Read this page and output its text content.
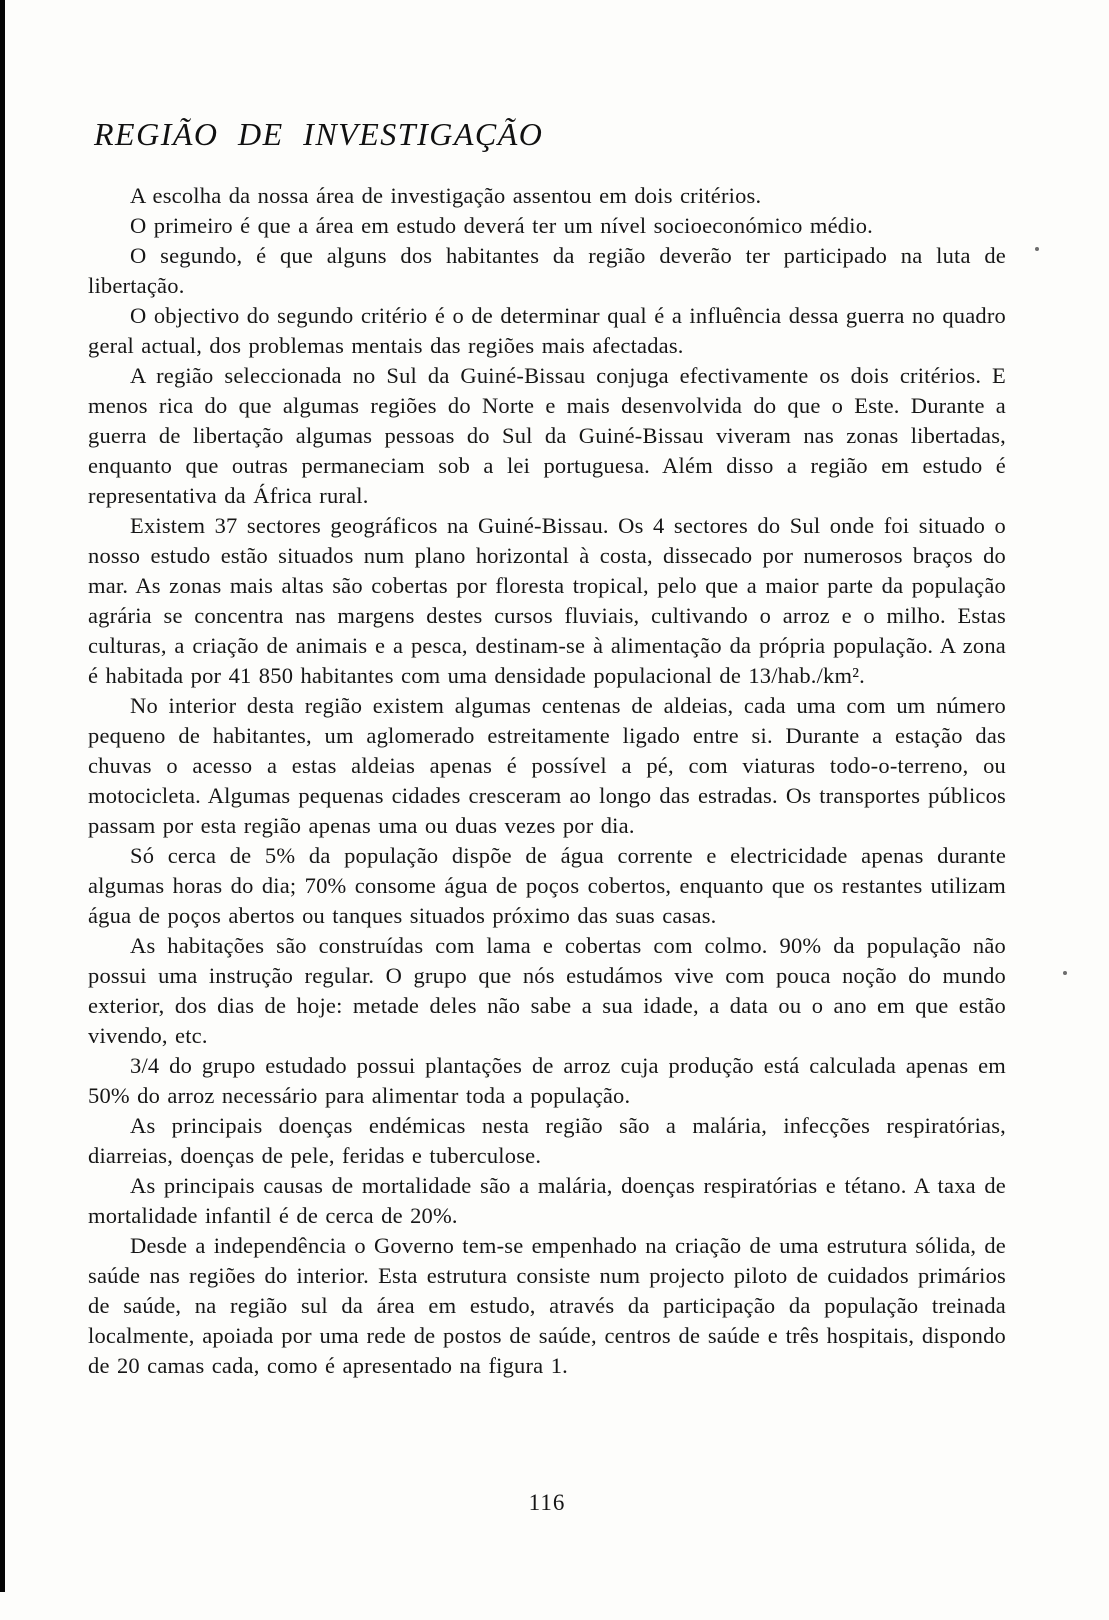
REGIÃO DE INVESTIGAÇÃO

A escolha da nossa área de investigação assentou em dois critérios.

O primeiro é que a área em estudo deverá ter um nível socioeconómico médio.

O segundo, é que alguns dos habitantes da região deverão ter participado na luta de libertação.

O objectivo do segundo critério é o de determinar qual é a influência dessa guerra no quadro geral actual, dos problemas mentais das regiões mais afectadas.

A região seleccionada no Sul da Guiné-Bissau conjuga efectivamente os dois critérios. E menos rica do que algumas regiões do Norte e mais desenvolvida do que o Este. Durante a guerra de libertação algumas pessoas do Sul da Guiné-Bissau viveram nas zonas libertadas, enquanto que outras permaneciam sob a lei portuguesa. Além disso a região em estudo é representativa da África rural.

Existem 37 sectores geográficos na Guiné-Bissau. Os 4 sectores do Sul onde foi situado o nosso estudo estão situados num plano horizontal à costa, dissecado por numerosos braços do mar. As zonas mais altas são cobertas por floresta tropical, pelo que a maior parte da população agrária se concentra nas margens destes cursos fluviais, cultivando o arroz e o milho. Estas culturas, a criação de animais e a pesca, destinam-se à alimentação da própria população. A zona é habitada por 41 850 habitantes com uma densidade populacional de 13/hab./km².

No interior desta região existem algumas centenas de aldeias, cada uma com um número pequeno de habitantes, um aglomerado estreitamente ligado entre si. Durante a estação das chuvas o acesso a estas aldeias apenas é possível a pé, com viaturas todo-o-terreno, ou motocicleta. Algumas pequenas cidades cresceram ao longo das estradas. Os transportes públicos passam por esta região apenas uma ou duas vezes por dia.

Só cerca de 5% da população dispõe de água corrente e electricidade apenas durante algumas horas do dia; 70% consome água de poços cobertos, enquanto que os restantes utilizam água de poços abertos ou tanques situados próximo das suas casas.

As habitações são construídas com lama e cobertas com colmo. 90% da população não possui uma instrução regular. O grupo que nós estudámos vive com pouca noção do mundo exterior, dos dias de hoje: metade deles não sabe a sua idade, a data ou o ano em que estão vivendo, etc.

3/4 do grupo estudado possui plantações de arroz cuja produção está calculada apenas em 50% do arroz necessário para alimentar toda a população.

As principais doenças endémicas nesta região são a malária, infecções respiratórias, diarreias, doenças de pele, feridas e tuberculose.

As principais causas de mortalidade são a malária, doenças respiratórias e tétano. A taxa de mortalidade infantil é de cerca de 20%.

Desde a independência o Governo tem-se empenhado na criação de uma estrutura sólida, de saúde nas regiões do interior. Esta estrutura consiste num projecto piloto de cuidados primários de saúde, na região sul da área em estudo, através da participação da população treinada localmente, apoiada por uma rede de postos de saúde, centros de saúde e três hospitais, dispondo de 20 camas cada, como é apresentado na figura 1.

116
